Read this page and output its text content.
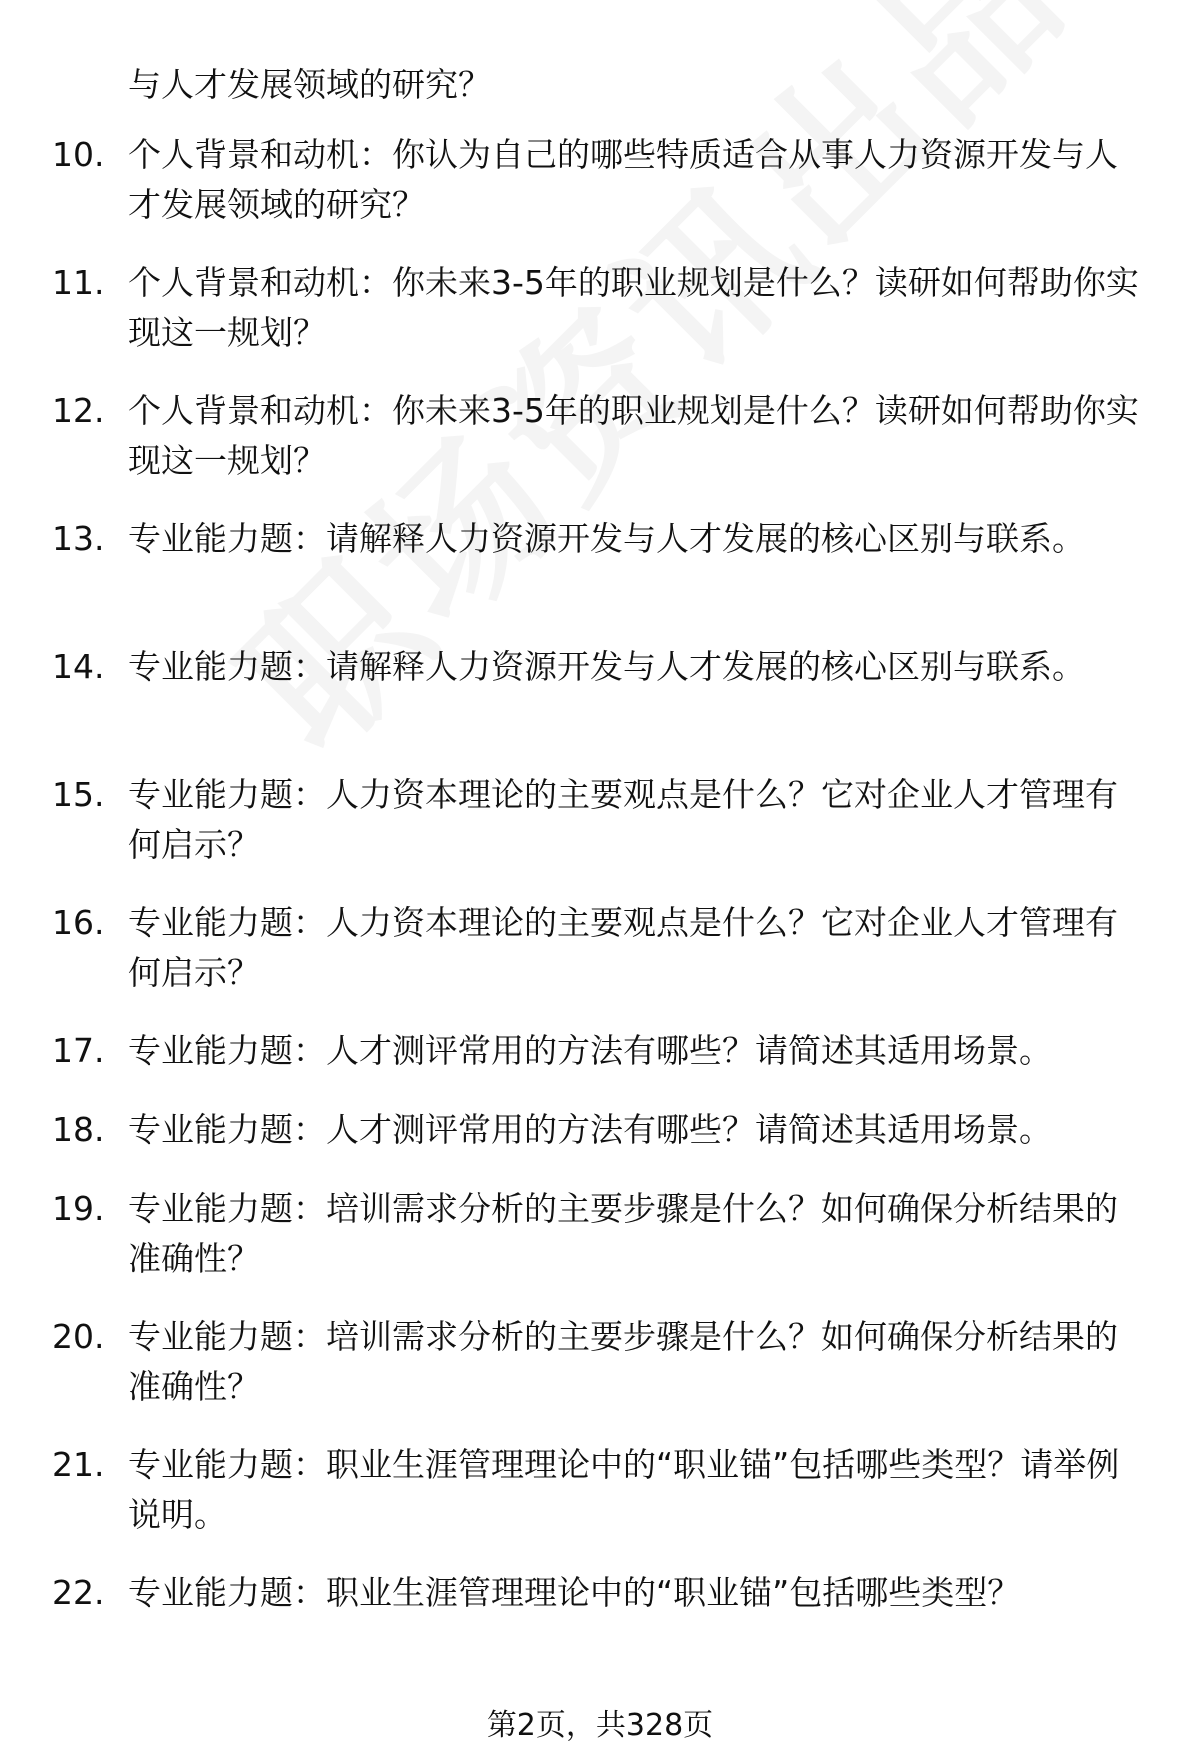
与人才发展领域的研究？
10. 个人背景和动机：你认为自己的哪些特质适合从事人力资源开发与人才发展领域的研究？
11. 个人背景和动机：你未来3-5年的职业规划是什么？读研如何帮助你实现这一规划？
12. 个人背景和动机：你未来3-5年的职业规划是什么？读研如何帮助你实现这一规划？
13. 专业能力题：请解释人力资源开发与人才发展的核心区别与联系。
14. 专业能力题：请解释人力资源开发与人才发展的核心区别与联系。
15. 专业能力题：人力资本理论的主要观点是什么？它对企业人才管理有何启示？
16. 专业能力题：人力资本理论的主要观点是什么？它对企业人才管理有何启示？
17. 专业能力题：人才测评常用的方法有哪些？请简述其适用场景。
18. 专业能力题：人才测评常用的方法有哪些？请简述其适用场景。
19. 专业能力题：培训需求分析的主要步骤是什么？如何确保分析结果的准确性？
20. 专业能力题：培训需求分析的主要步骤是什么？如何确保分析结果的准确性？
21. 专业能力题：职业生涯管理理论中的“职业锚”包括哪些类型？请举例说明。
22. 专业能力题：职业生涯管理理论中的“职业锚”包括哪些类型？
第2页，共328页
